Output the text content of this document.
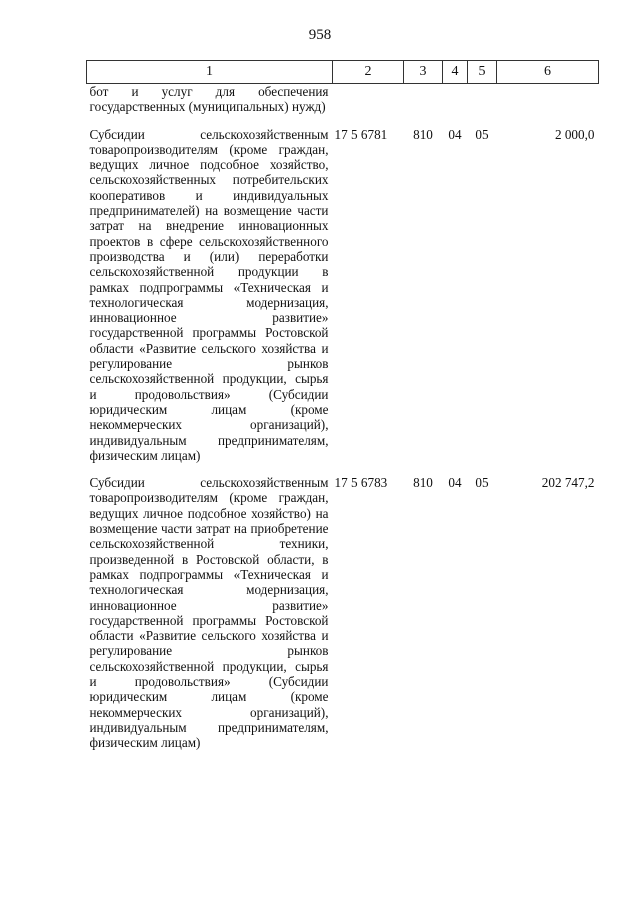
958
1	2	3	4	5	6
бот и услуг для обеспечения государственных (муниципальных) нужд)					

Субсидии сельскохозяйственным товаропроизводителям (кроме граждан, ведущих личное подсобное хозяйство, сельскохозяйственных потребительских кооперативов и индивидуальных предпринимателей) на возмещение части затрат на внедрение инновационных проектов в сфере сельскохозяйственного производства и (или) переработки сельскохозяйственной продукции в рамках подпрограммы «Техническая и технологическая модернизация, инновационное развитие» государственной программы Ростовской области «Развитие сельского хозяйства и регулирование рынков сельскохозяйственной продукции, сырья и продовольствия» (Субсидии юридическим лицам (кроме некоммерческих организаций), индивидуальным предпринимателям, физическим лицам)	17 5 6781	810	04	05	2 000,0

Субсидии сельскохозяйственным товаропроизводителям (кроме граждан, ведущих личное подсобное хозяйство) на возмещение части затрат на приобретение сельскохозяйственной техники, произведенной в Ростовской области, в рамках подпрограммы «Техническая и технологическая модернизация, инновационное развитие» государственной программы Ростовской области «Развитие сельского хозяйства и регулирование рынков сельскохозяйственной продукции, сырья и продовольствия» (Субсидии юридическим лицам (кроме некоммерческих организаций), индивидуальным предпринимателям, физическим лицам)	17 5 6783	810	04	05	202 747,2
